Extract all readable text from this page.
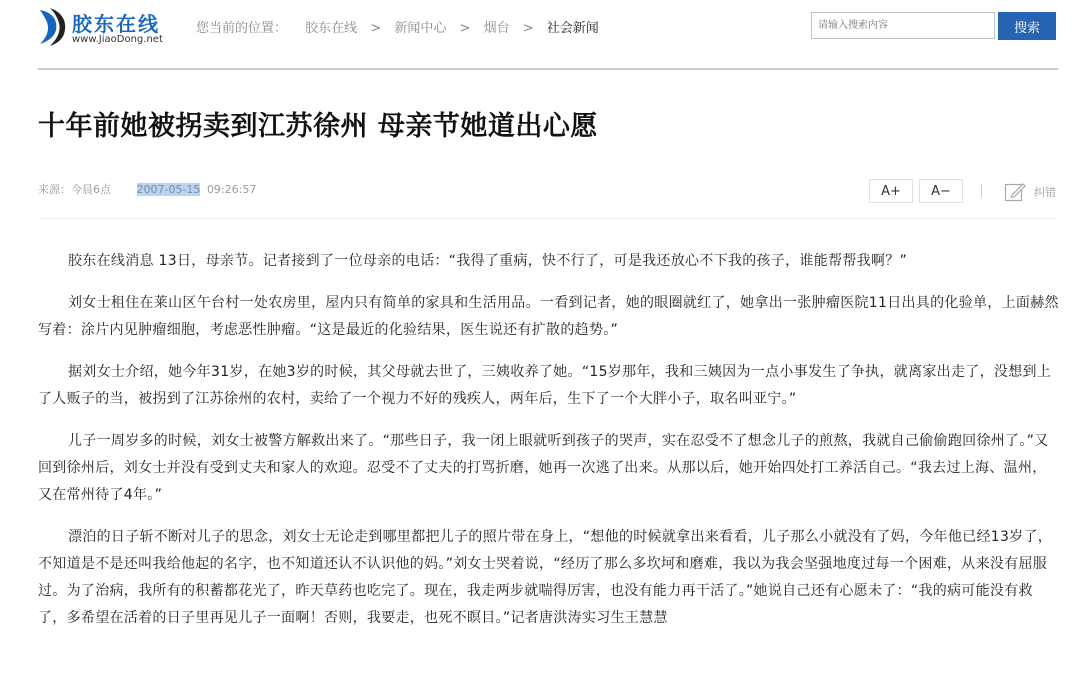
胶东在线
www.JiaoDong.net
您当前的位置： 胶东在线 > 新闻中心 > 烟台 > 社会新闻
请输入搜索内容	搜索
十年前她被拐卖到江苏徐州 母亲节她道出心愿
来源：今晨6点 2007-05-15 09:26:57	A+	A−	纠错

胶东在线消息 13日，母亲节。记者接到了一位母亲的电话：“我得了重病，快不行了，可是我还放心不下我的孩子，谁能帮帮我啊？”

刘女士租住在莱山区午台村一处农房里，屋内只有简单的家具和生活用品。一看到记者，她的眼圈就红了，她拿出一张肿瘤医院11日出具的化验单，上面赫然写着：涂片内见肿瘤细胞，考虑恶性肿瘤。“这是最近的化验结果，医生说还有扩散的趋势。”

据刘女士介绍，她今年31岁，在她3岁的时候，其父母就去世了，三姨收养了她。“15岁那年，我和三姨因为一点小事发生了争执，就离家出走了，没想到上了人贩子的当，被拐到了江苏徐州的农村，卖给了一个视力不好的残疾人，两年后，生下了一个大胖小子，取名叫亚宁。”

儿子一周岁多的时候，刘女士被警方解救出来了。“那些日子，我一闭上眼就听到孩子的哭声，实在忍受不了想念儿子的煎熬，我就自己偷偷跑回徐州了。”又回到徐州后，刘女士并没有受到丈夫和家人的欢迎。忍受不了丈夫的打骂折磨，她再一次逃了出来。从那以后，她开始四处打工养活自己。“我去过上海、温州，又在常州待了4年。”

漂泊的日子斩不断对儿子的思念，刘女士无论走到哪里都把儿子的照片带在身上，“想他的时候就拿出来看看，儿子那么小就没有了妈，今年他已经13岁了，不知道是不是还叫我给他起的名字，也不知道还认不认识他的妈。”刘女士哭着说，“经历了那么多坎坷和磨难，我以为我会坚强地度过每一个困难，从来没有屈服过。为了治病，我所有的积蓄都花光了，昨天草药也吃完了。现在，我走两步就喘得厉害，也没有能力再干活了。”她说自己还有心愿未了：“我的病可能没有救了，多希望在活着的日子里再见儿子一面啊！否则，我要走，也死不瞑目。”记者唐洪涛实习生王慧慧
